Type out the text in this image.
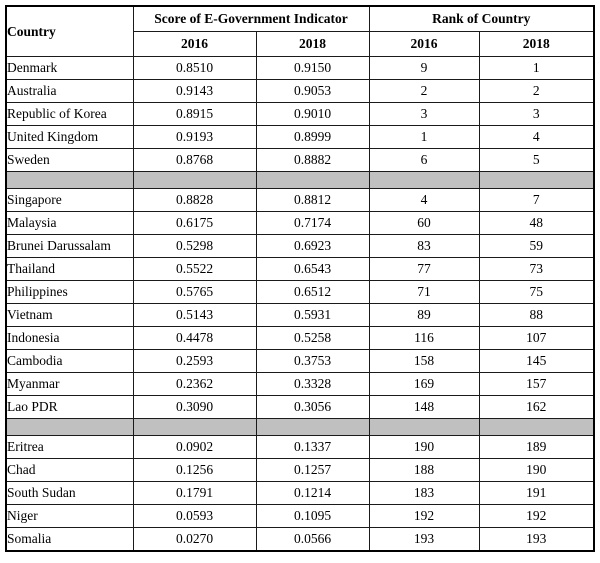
Country	Score of E-Government Indicator		Rank of Country	
	2016	2018	2016	2018
Denmark	0.8510	0.9150	9	1
Australia	0.9143	0.9053	2	2
Republic of Korea	0.8915	0.9010	3	3
United Kingdom	0.9193	0.8999	1	4
Sweden	0.8768	0.8882	6	5

Singapore	0.8828	0.8812	4	7
Malaysia	0.6175	0.7174	60	48
Brunei Darussalam	0.5298	0.6923	83	59
Thailand	0.5522	0.6543	77	73
Philippines	0.5765	0.6512	71	75
Vietnam	0.5143	0.5931	89	88
Indonesia	0.4478	0.5258	116	107
Cambodia	0.2593	0.3753	158	145
Myanmar	0.2362	0.3328	169	157
Lao PDR	0.3090	0.3056	148	162

Eritrea	0.0902	0.1337	190	189
Chad	0.1256	0.1257	188	190
South Sudan	0.1791	0.1214	183	191
Niger	0.0593	0.1095	192	192
Somalia	0.0270	0.0566	193	193
